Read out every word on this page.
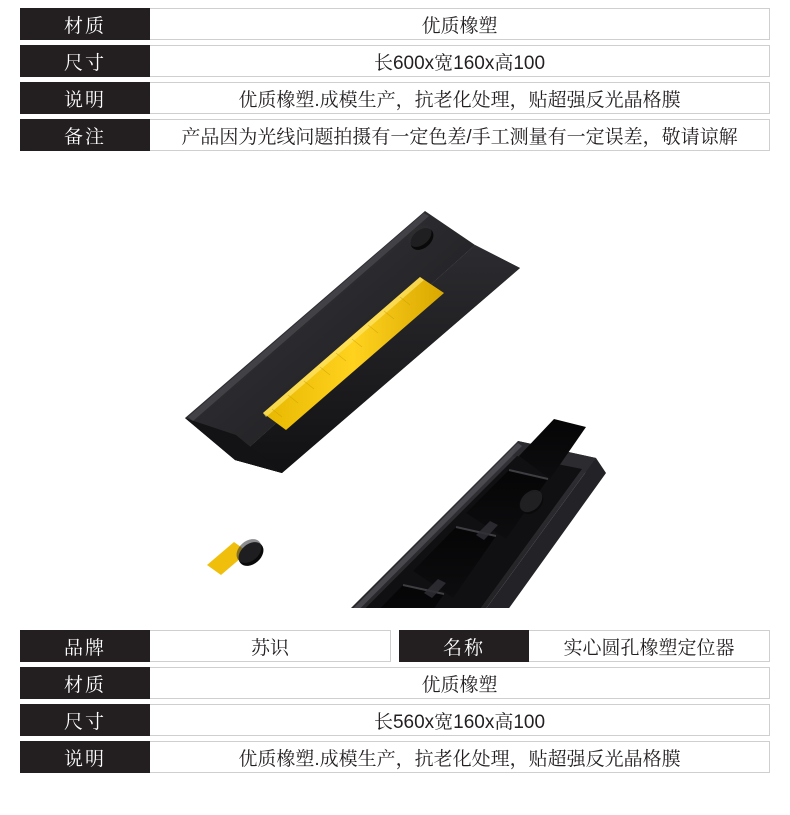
材质	优质橡塑
尺寸	长600x宽160x高100
说明	优质橡塑.成模生产，抗老化处理，贴超强反光晶格膜
备注	产品因为光线问题拍摄有一定色差/手工测量有一定误差，敬请谅解
品牌	苏识	名称	实心圆孔橡塑定位器
材质	优质橡塑
尺寸	长560x宽160x高100
说明	优质橡塑.成模生产，抗老化处理，贴超强反光晶格膜
